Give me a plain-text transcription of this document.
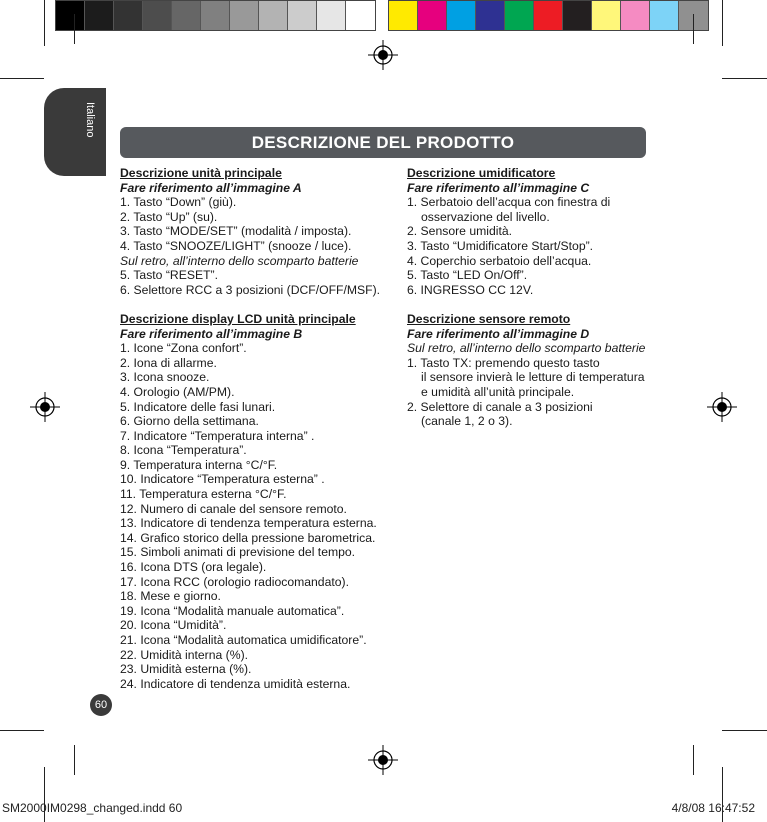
Italiano
DESCRIZIONE DEL PRODOTTO
Descrizione unità principale
Fare riferimento all’immagine A
1. Tasto “Down” (giù).
2. Tasto “Up” (su).
3. Tasto “MODE/SET” (modalità / imposta).
4. Tasto “SNOOZE/LIGHT” (snooze / luce).
Sul retro, all’interno dello scomparto batterie
5. Tasto “RESET”.
6. Selettore RCC a 3 posizioni (DCF/OFF/MSF).
Descrizione display LCD unità principale
Fare riferimento all’immagine B
1. Icone “Zona confort”.
2. Iona di allarme.
3. Icona snooze.
4. Orologio (AM/PM).
5. Indicatore delle fasi lunari.
6. Giorno della settimana.
7. Indicatore “Temperatura interna” .
8. Icona “Temperatura”.
9. Temperatura interna °C/°F.
10. Indicatore “Temperatura esterna” .
11. Temperatura esterna °C/°F.
12. Numero di canale del sensore remoto.
13. Indicatore di tendenza temperatura esterna.
14. Grafico storico della pressione barometrica.
15. Simboli animati di previsione del tempo.
16. Icona DTS (ora legale).
17. Icona RCC (orologio radiocomandato).
18. Mese e giorno.
19. Icona “Modalità manuale automatica”.
20. Icona “Umidità”.
21. Icona “Modalità automatica umidificatore”.
22. Umidità interna (%).
23. Umidità esterna (%).
24. Indicatore di tendenza umidità esterna.
Descrizione umidificatore
Fare riferimento all’immagine C
1. Serbatoio dell’acqua con finestra di
osservazione del livello.
2. Sensore umidità.
3. Tasto “Umidificatore Start/Stop”.
4. Coperchio serbatoio dell’acqua.
5. Tasto “LED On/Off”.
6. INGRESSO CC 12V.
Descrizione sensore remoto
Fare riferimento all’immagine D
Sul retro, all’interno dello scomparto batterie
1. Tasto TX: premendo questo tasto
il sensore invierà le letture di temperatura
e umidità all’unità principale.
2. Selettore di canale a 3 posizioni
(canale 1, 2 o 3).
60
SM2000IM0298_changed.indd 60	4/8/08 16:47:52
